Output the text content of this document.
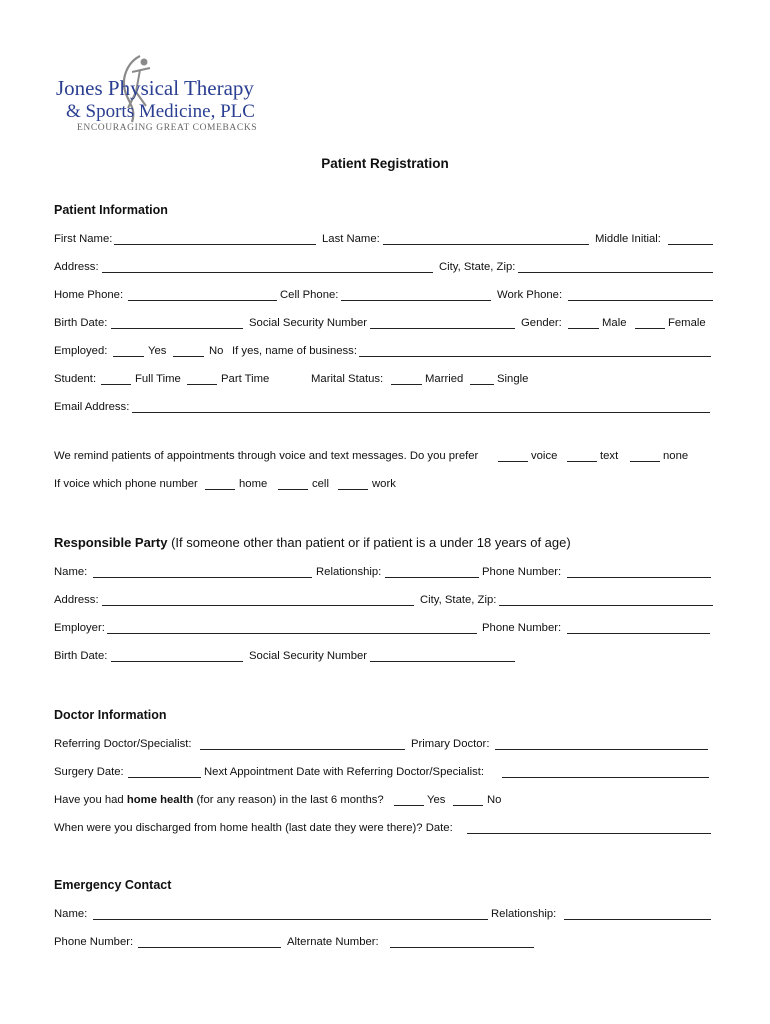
Jones Physical Therapy
& Sports Medicine, PLC
ENCOURAGING GREAT COMEBACKS
Patient Registration
Patient Information
First Name:	Last Name:	Middle Initial:
Address:	City, State, Zip:
Home Phone:	Cell Phone:	Work Phone:
Birth Date:	Social Security Number	Gender:	Male	Female
Employed:	Yes	No If yes, name of business:
Student:	Full Time	Part Time	Marital Status:	Married	Single
Email Address:
We remind patients of appointments through voice and text messages. Do you prefer	voice	text	none
If voice which phone number	home	cell	work
Responsible Party (If someone other than patient or if patient is a under 18 years of age)
Name:	Relationship:	Phone Number:
Address:	City, State, Zip:
Employer:	Phone Number:
Birth Date:	Social Security Number
Doctor Information
Referring Doctor/Specialist:	Primary Doctor:
Surgery Date:	Next Appointment Date with Referring Doctor/Specialist:
Have you had home health (for any reason) in the last 6 months?	Yes	No
When were you discharged from home health (last date they were there)? Date:
Emergency Contact
Name:	Relationship:
Phone Number:	Alternate Number:
